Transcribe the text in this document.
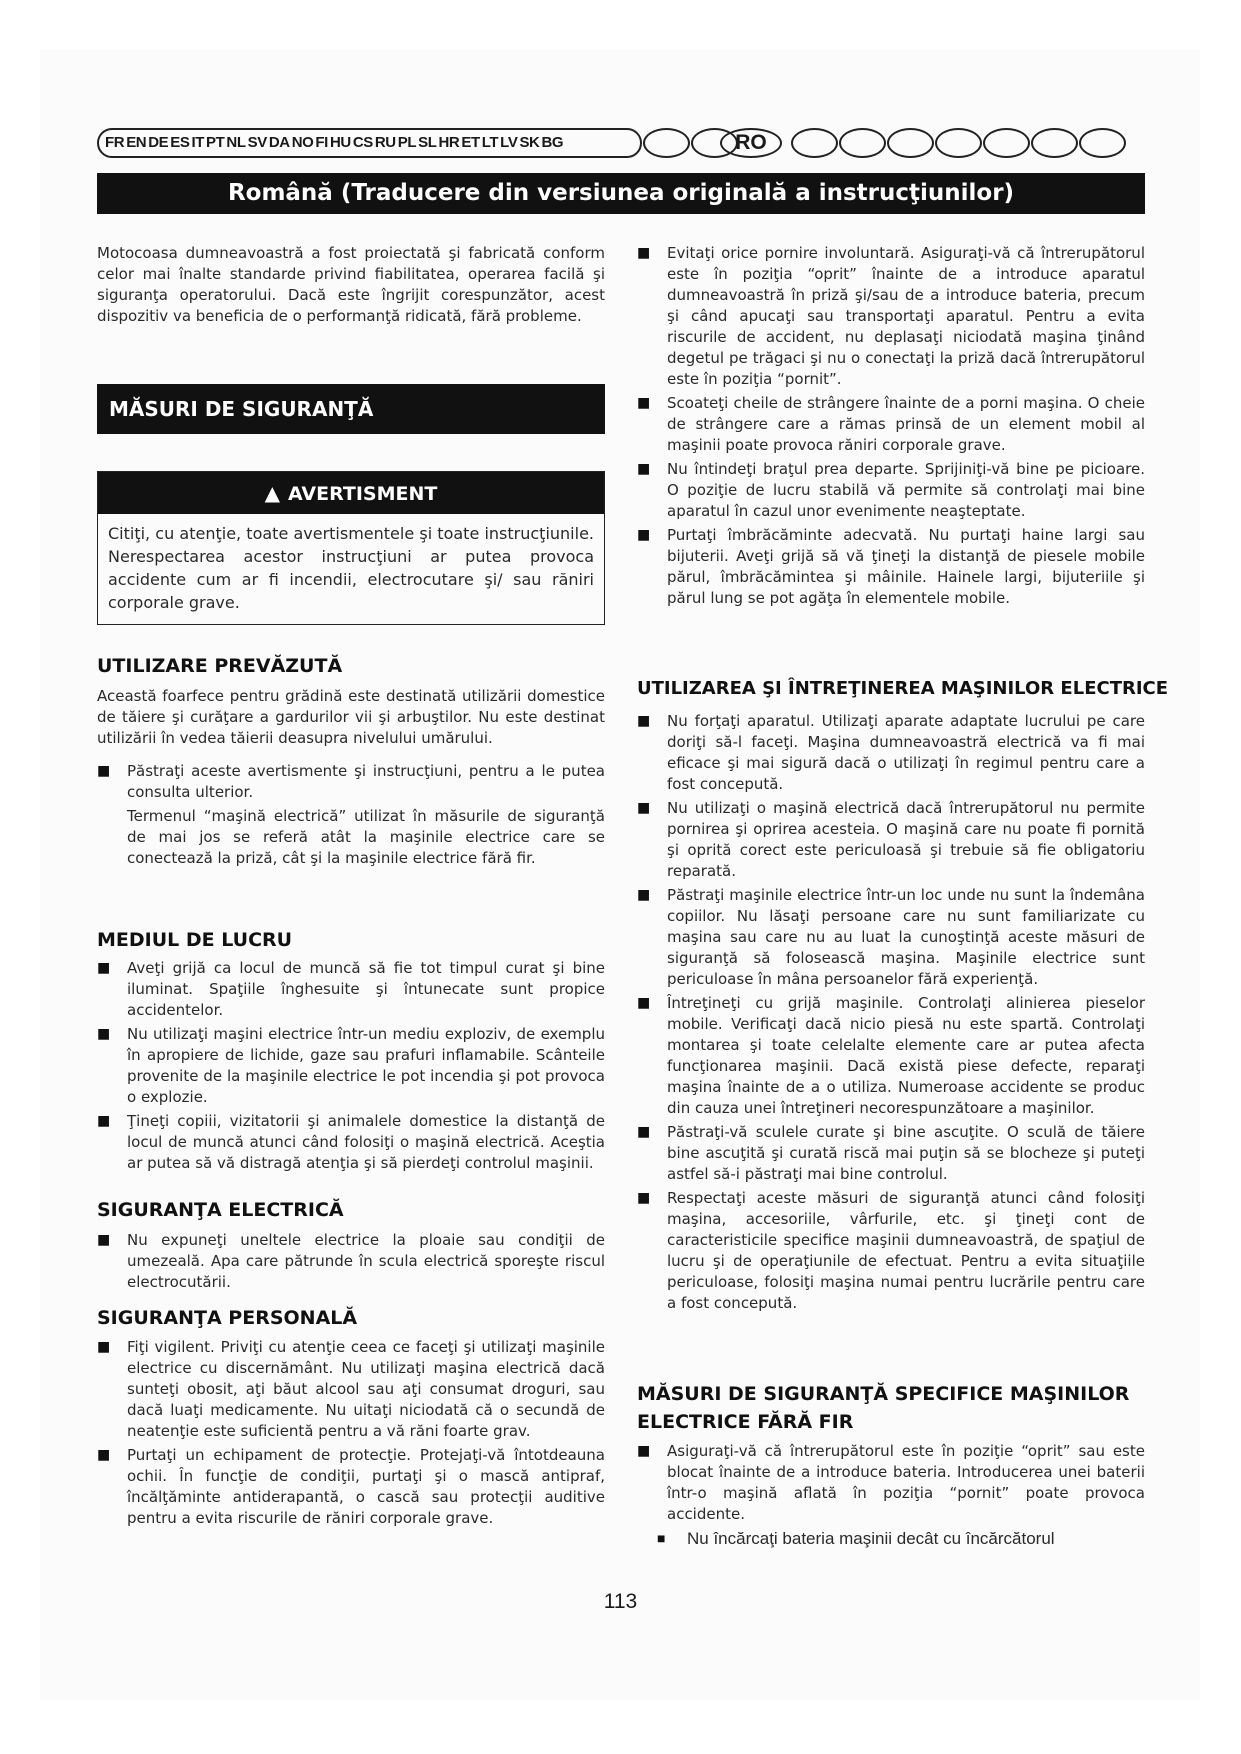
FR EN DE ES IT PT NL SV DA NO FI HU CS RU PL SL HR ET LT LV SK BG	RO
Română (Traducere din versiunea originală a instrucţiunilor)

Motocoasa dumneavoastră a fost proiectată şi fabricată conform celor mai înalte standarde privind fiabilitatea, operarea facilă şi siguranţa operatorului. Dacă este îngrijit corespunzător, acest dispozitiv va beneficia de o performanţă ridicată, fără probleme.

MĂSURI DE SIGURANŢĂ
▲ AVERTISMENT
Citiţi, cu atenţie, toate avertismentele şi toate instrucţiunile. Nerespectarea acestor instrucţiuni ar putea provoca accidente cum ar fi incendii, electrocutare şi/ sau răniri corporale grave.
UTILIZARE PREVĂZUTĂ

Această foarfece pentru grădină este destinată utilizării domestice de tăiere şi curăţare a gardurilor vii şi arbuştilor. Nu este destinat utilizării în vedea tăierii deasupra nivelului umărului.

■ Păstraţi aceste avertismente şi instrucţiuni, pentru a le putea consulta ulterior.
Termenul “maşină electrică” utilizat în măsurile de siguranţă de mai jos se referă atât la maşinile electrice care se conectează la priză, cât şi la maşinile electrice fără fir.
MEDIUL DE LUCRU
■ Aveţi grijă ca locul de muncă să fie tot timpul curat şi bine iluminat. Spaţiile înghesuite şi întunecate sunt propice accidentelor.
■ Nu utilizaţi maşini electrice într-un mediu exploziv, de exemplu în apropiere de lichide, gaze sau prafuri inflamabile. Scânteile provenite de la maşinile electrice le pot incendia şi pot provoca o explozie.
■ Ţineţi copiii, vizitatorii şi animalele domestice la distanţă de locul de muncă atunci când folosiţi o maşină electrică. Aceştia ar putea să vă distragă atenţia şi să pierdeţi controlul maşinii.
SIGURANŢA ELECTRICĂ
■ Nu expuneţi uneltele electrice la ploaie sau condiţii de umezeală. Apa care pătrunde în scula electrică sporeşte riscul electrocutării.
SIGURANŢA PERSONALĂ
■ Fiţi vigilent. Priviţi cu atenţie ceea ce faceţi şi utilizaţi maşinile electrice cu discernământ. Nu utilizaţi maşina electrică dacă sunteţi obosit, aţi băut alcool sau aţi consumat droguri, sau dacă luaţi medicamente. Nu uitaţi niciodată că o secundă de neatenţie este suficientă pentru a vă răni foarte grav.
■ Purtaţi un echipament de protecţie. Protejaţi-vă întotdeauna ochii. În funcţie de condiţii, purtaţi şi o mască antipraf, încălţăminte antiderapantă, o cască sau protecţii auditive pentru a evita riscurile de răniri corporale grave.
■ Evitaţi orice pornire involuntară. Asiguraţi-vă că întrerupătorul este în poziţia “oprit” înainte de a introduce aparatul dumneavoastră în priză şi/sau de a introduce bateria, precum şi când apucaţi sau transportaţi aparatul. Pentru a evita riscurile de accident, nu deplasaţi niciodată maşina ţinând degetul pe trăgaci şi nu o conectaţi la priză dacă întrerupătorul este în poziţia “pornit”.
■ Scoateţi cheile de strângere înainte de a porni maşina. O cheie de strângere care a rămas prinsă de un element mobil al maşinii poate provoca răniri corporale grave.
■ Nu întindeţi braţul prea departe. Sprijiniţi-vă bine pe picioare. O poziţie de lucru stabilă vă permite să controlaţi mai bine aparatul în cazul unor evenimente neaşteptate.
■ Purtaţi îmbrăcăminte adecvată. Nu purtaţi haine largi sau bijuterii. Aveţi grijă să vă ţineţi la distanţă de piesele mobile părul, îmbrăcămintea şi mâinile. Hainele largi, bijuteriile şi părul lung se pot agăţa în elementele mobile.
UTILIZAREA ŞI ÎNTREŢINEREA MAŞINILOR ELECTRICE
■ Nu forţaţi aparatul. Utilizaţi aparate adaptate lucrului pe care doriţi să-l faceţi. Maşina dumneavoastră electrică va fi mai eficace şi mai sigură dacă o utilizaţi în regimul pentru care a fost concepută.
■ Nu utilizaţi o maşină electrică dacă întrerupătorul nu permite pornirea şi oprirea acesteia. O maşină care nu poate fi pornită şi oprită corect este periculoasă şi trebuie să fie obligatoriu reparată.
■ Păstraţi maşinile electrice într-un loc unde nu sunt la îndemâna copiilor. Nu lăsaţi persoane care nu sunt familiarizate cu maşina sau care nu au luat la cunoştinţă aceste măsuri de siguranţă să folosească maşina. Maşinile electrice sunt periculoase în mâna persoanelor fără experienţă.
■ Întreţineţi cu grijă maşinile. Controlaţi alinierea pieselor mobile. Verificaţi dacă nicio piesă nu este spartă. Controlaţi montarea şi toate celelalte elemente care ar putea afecta funcţionarea maşinii. Dacă există piese defecte, reparaţi maşina înainte de a o utiliza. Numeroase accidente se produc din cauza unei întreţineri necorespunzătoare a maşinilor.
■ Păstraţi-vă sculele curate şi bine ascuţite. O sculă de tăiere bine ascuţită şi curată riscă mai puţin să se blocheze şi puteţi astfel să-i păstraţi mai bine controlul.
■ Respectaţi aceste măsuri de siguranţă atunci când folosiţi maşina, accesoriile, vârfurile, etc. şi ţineţi cont de caracteristicile specifice maşinii dumneavoastră, de spaţiul de lucru şi de operaţiunile de efectuat. Pentru a evita situaţiile periculoase, folosiţi maşina numai pentru lucrările pentru care a fost concepută.
MĂSURI DE SIGURANŢĂ SPECIFICE MAŞINILOR
ELECTRICE FĂRĂ FIR
■ Asiguraţi-vă că întrerupătorul este în poziţie “oprit” sau este blocat înainte de a introduce bateria. Introducerea unei baterii într-o maşină aflată în poziţia “pornit” poate provoca accidente.
■ Nu încărcaţi bateria maşinii decât cu încărcătorul
113
